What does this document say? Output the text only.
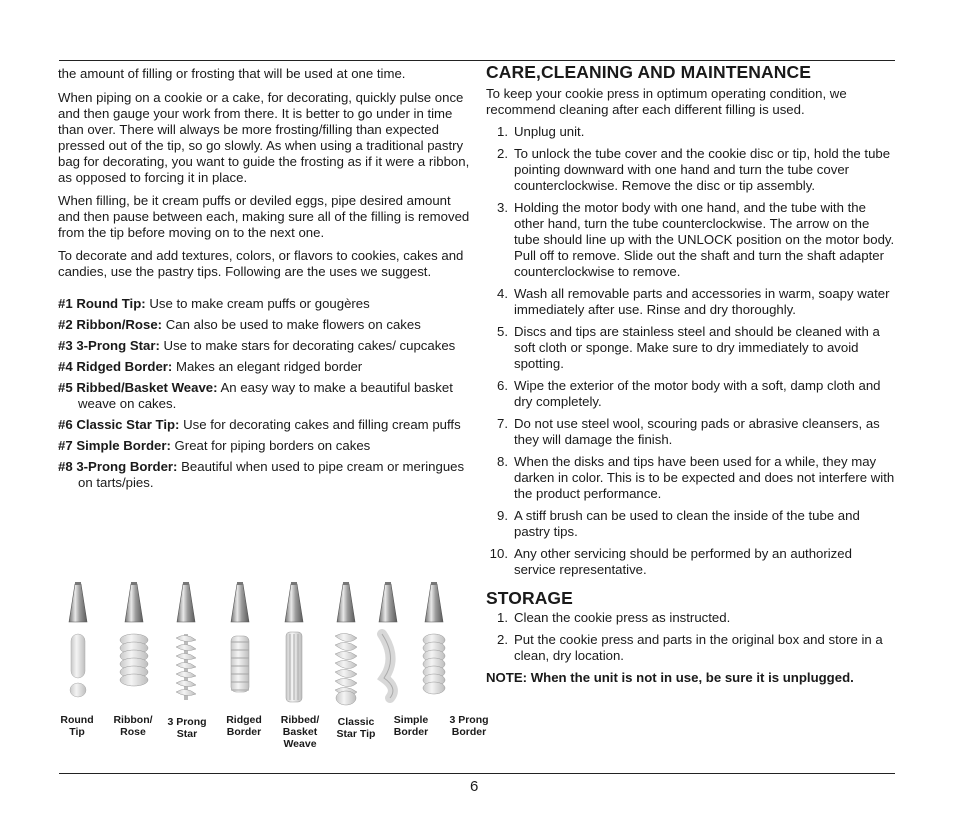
the amount of filling or frosting that will be used at one time.

When piping on a cookie or a cake, for decorating, quickly pulse once and then gauge your work from there. It is better to go under in time than over. There will always be more frosting/filling than expected pressed out of the tip, so go slowly. As when using a traditional pastry bag for decorating, you want to guide the frosting as if it were a ribbon, as opposed to forcing it in place.

When filling, be it cream puffs or deviled eggs, pipe desired amount and then pause between each, making sure all of the filling is removed from the tip before moving on to the next one.

To decorate and add textures, colors, or flavors to cookies, cakes and candies, use the pastry tips. Following are the uses we suggest.

#1 Round Tip: Use to make cream puffs or gougères
#2 Ribbon/Rose: Can also be used to make flowers on cakes
#3 3-Prong Star: Use to make stars for decorating cakes/ cupcakes
#4 Ridged Border: Makes an elegant ridged border
#5 Ribbed/Basket Weave: An easy way to make a beautiful basket weave on cakes.
#6 Classic Star Tip: Use for decorating cakes and filling cream puffs
#7 Simple Border: Great for piping borders on cakes
#8 3-Prong Border: Beautiful when used to pipe cream or meringues on tarts/pies.
Round
Tip
Ribbon/
Rose
3 Prong
Star
Ridged
Border
Ribbed/
Basket
Weave
Classic
Star Tip
Simple
Border
3 Prong
Border
CARE,CLEANING AND MAINTENANCE

To keep your cookie press in optimum operating condition, we recommend cleaning after each different filling is used.

1. Unplug unit.
2. To unlock the tube cover and the cookie disc or tip, hold the tube pointing downward with one hand and turn the tube cover counterclockwise. Remove the disc or tip assembly.
3. Holding the motor body with one hand, and the tube with the other hand, turn the tube counterclockwise. The arrow on the tube should line up with the UNLOCK position on the motor body. Pull off to remove. Slide out the shaft and turn the shaft adapter counterclockwise to remove.
4. Wash all removable parts and accessories in warm, soapy water immediately after use. Rinse and dry thoroughly.
5. Discs and tips are stainless steel and should be cleaned with a soft cloth or sponge. Make sure to dry immediately to avoid spotting.
6. Wipe the exterior of the motor body with a soft, damp cloth and dry completely.
7. Do not use steel wool, scouring pads or abrasive cleansers, as they will damage the finish.
8. When the disks and tips have been used for a while, they may darken in color. This is to be expected and does not interfere with the product performance.
9. A stiff brush can be used to clean the inside of the tube and pastry tips.
10. Any other servicing should be performed by an authorized service representative.
STORAGE
1. Clean the cookie press as instructed.
2. Put the cookie press and parts in the original box and store in a clean, dry location.

NOTE: When the unit is not in use, be sure it is unplugged.

6
